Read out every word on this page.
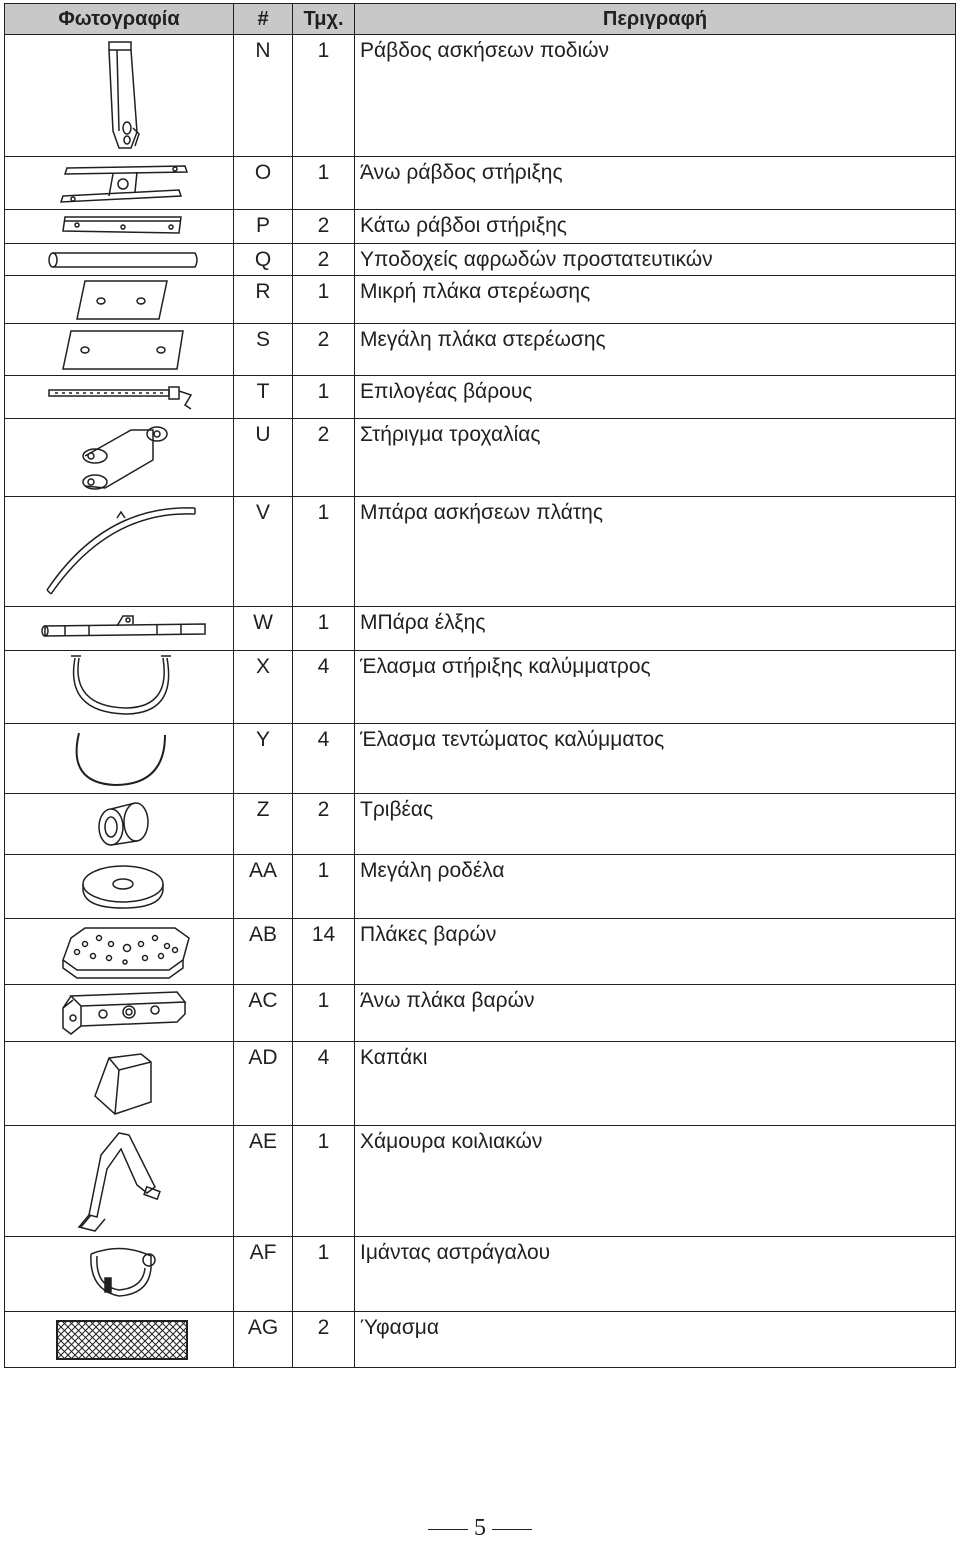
Φωτογραφία	#	Τμχ.	Περιγραφή

	N	1	Ράβδος ασκήσεων ποδιών

	O	1	Άνω ράβδος στήριξης

	P	2	Κάτω ράβδοι στήριξης

	Q	2	Υποδοχείς αφρωδών προστατευτικών

	R	1	Μικρή πλάκα στερέωσης

	S	2	Μεγάλη πλάκα στερέωσης

	T	1	Επιλογέας βάρους

	U	2	Στήριγμα τροχαλίας

	V	1	Μπάρα ασκήσεων πλάτης

	W	1	ΜΠάρα έλξης

	X	4	Έλασμα στήριξης καλύμματρος

	Y	4	Έλασμα τεντώματος καλύμματος

	Z	2	Τριβέας

	AA	1	Μεγάλη ροδέλα

	AB	14	Πλάκες βαρών

	AC	1	Άνω πλάκα βαρών

	AD	4	Καπάκι

	AE	1	Χάμουρα κοιλιακών

	AF	1	Ιμάντας αστράγαλου

	AG	2	Ύφασμα
5
